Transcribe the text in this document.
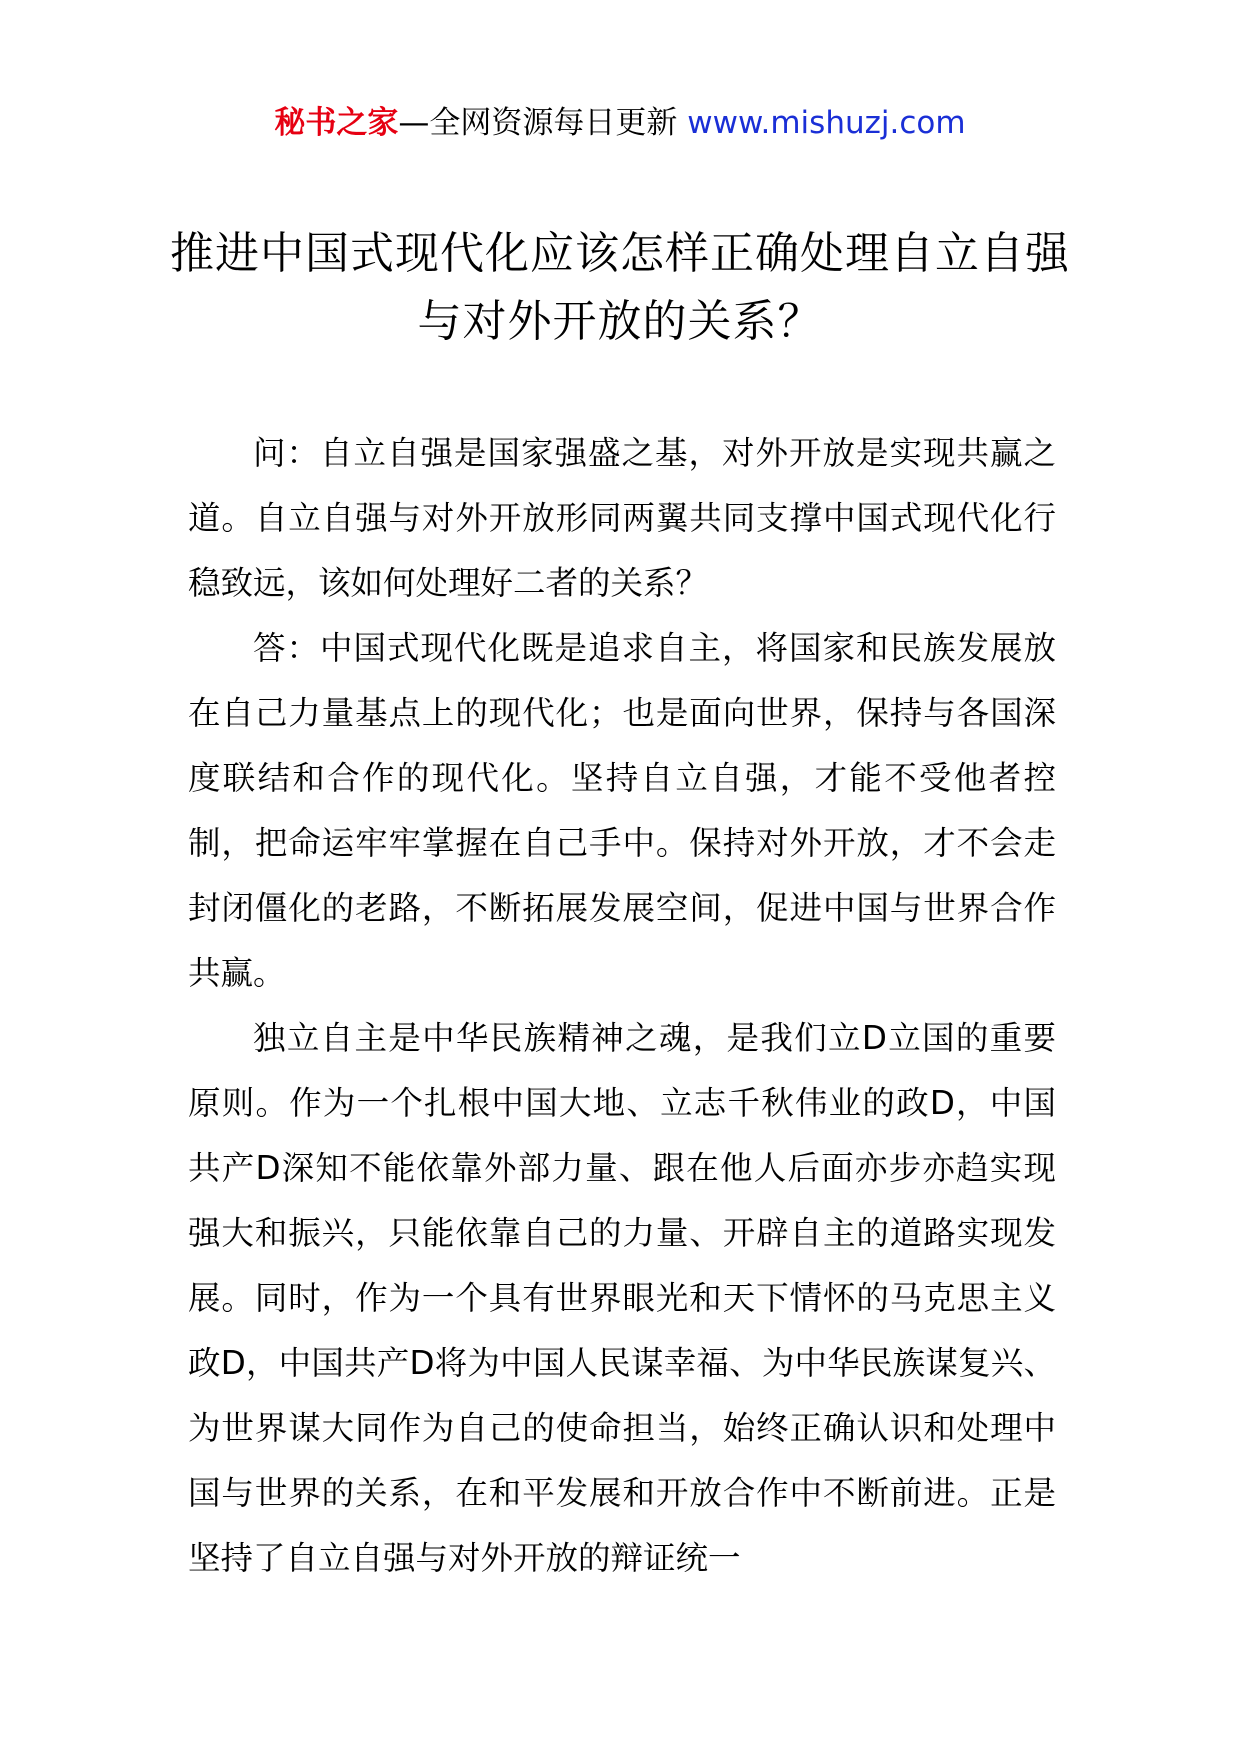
秘书之家—全网资源每日更新 www.mishuzj.com
推进中国式现代化应该怎样正确处理自立自强与对外开放的关系？

问：自立自强是国家强盛之基，对外开放是实现共赢之道。自立自强与对外开放形同两翼共同支撑中国式现代化行稳致远，该如何处理好二者的关系？

答：中国式现代化既是追求自主，将国家和民族发展放在自己力量基点上的现代化；也是面向世界，保持与各国深度联结和合作的现代化。坚持自立自强，才能不受他者控制，把命运牢牢掌握在自己手中。保持对外开放，才不会走封闭僵化的老路，不断拓展发展空间，促进中国与世界合作共赢。

独立自主是中华民族精神之魂，是我们立D立国的重要原则。作为一个扎根中国大地、立志千秋伟业的政D，中国共产D深知不能依靠外部力量、跟在他人后面亦步亦趋实现强大和振兴，只能依靠自己的力量、开辟自主的道路实现发展。同时，作为一个具有世界眼光和天下情怀的马克思主义政D，中国共产D将为中国人民谋幸福、为中华民族谋复兴、为世界谋大同作为自己的使命担当，始终正确认识和处理中国与世界的关系，在和平发展和开放合作中不断前进。正是坚持了自立自强与对外开放的辩证统一
